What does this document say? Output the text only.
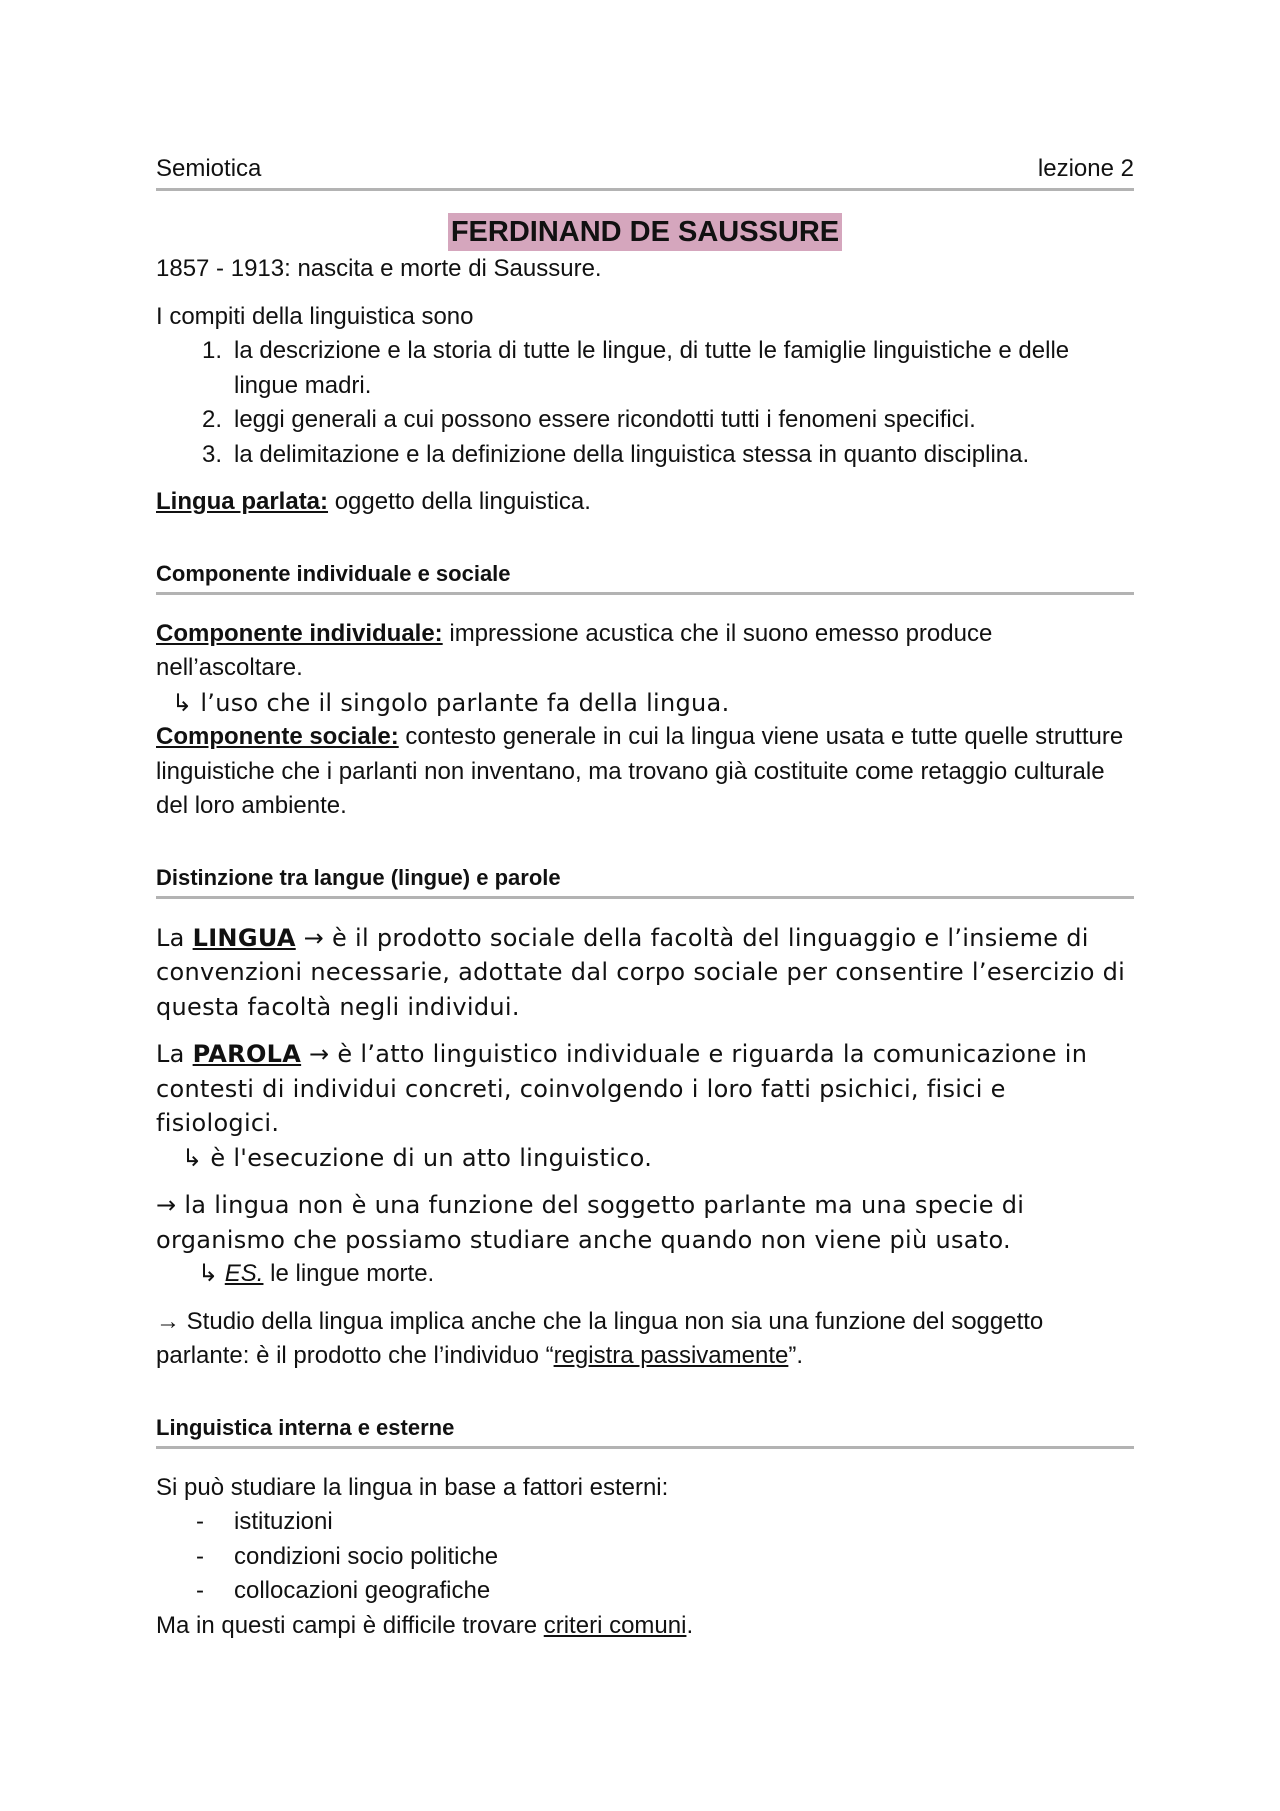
Semiotica	lezione 2
FERDINAND DE SAUSSURE

1857 - 1913: nascita e morte di Saussure.

I compiti della linguistica sono

1. la descrizione e la storia di tutte le lingue, di tutte le famiglie linguistiche e delle lingue madri.
2. leggi generali a cui possono essere ricondotti tutti i fenomeni specifici.
3. la delimitazione e la definizione della linguistica stessa in quanto disciplina.

Lingua parlata: oggetto della linguistica.

Componente individuale e sociale

Componente individuale: impressione acustica che il suono emesso produce nell’ascoltare.

↳ l’uso che il singolo parlante fa della lingua.

Componente sociale: contesto generale in cui la lingua viene usata e tutte quelle strutture linguistiche che i parlanti non inventano, ma trovano già costituite come retaggio culturale del loro ambiente.

Distinzione tra langue (lingue) e parole

La LINGUA → è il prodotto sociale della facoltà del linguaggio e l’insieme di convenzioni necessarie, adottate dal corpo sociale per consentire l’esercizio di questa facoltà negli individui.

La PAROLA → è l’atto linguistico individuale e riguarda la comunicazione in contesti di individui concreti, coinvolgendo i loro fatti psichici, fisici e fisiologici.

↳ è l'esecuzione di un atto linguistico.

→ la lingua non è una funzione del soggetto parlante ma una specie di organismo che possiamo studiare anche quando non viene più usato.

↳ ES. le lingue morte.

→ Studio della lingua implica anche che la lingua non sia una funzione del soggetto parlante: è il prodotto che l’individuo “registra passivamente”.

Linguistica interna e esterne

Si può studiare la lingua in base a fattori esterni:

-	istituzioni
-	condizioni socio politiche
-	collocazioni geografiche

Ma in questi campi è difficile trovare criteri comuni.
